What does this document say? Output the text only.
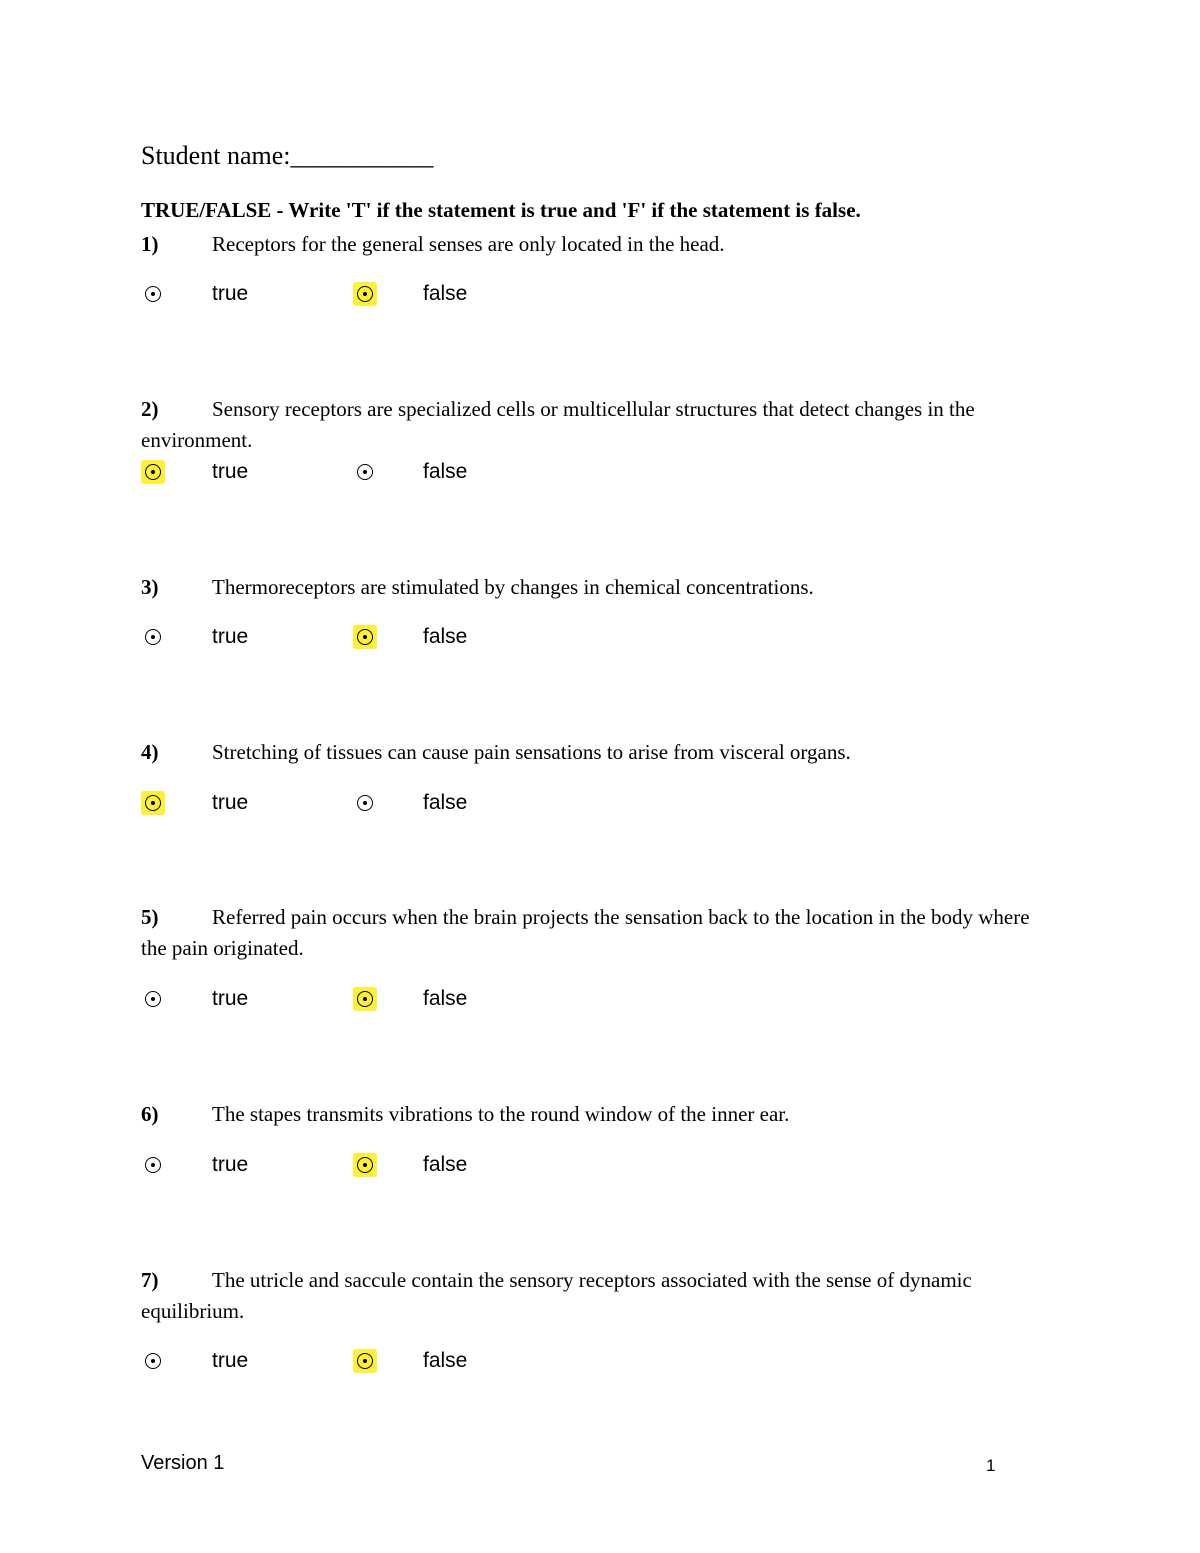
Student name:___________
TRUE/FALSE - Write 'T' if the statement is true and 'F' if the statement is false.
1)	Receptors for the general senses are only located in the head.
true	false
2)	Sensory receptors are specialized cells or multicellular structures that detect changes in the environment.
true	false
3)	Thermoreceptors are stimulated by changes in chemical concentrations.
true	false
4)	Stretching of tissues can cause pain sensations to arise from visceral organs.
true	false
5)	Referred pain occurs when the brain projects the sensation back to the location in the body where the pain originated.
true	false
6)	The stapes transmits vibrations to the round window of the inner ear.
true	false
7)	The utricle and saccule contain the sensory receptors associated with the sense of dynamic equilibrium.
true	false
Version 1	1
